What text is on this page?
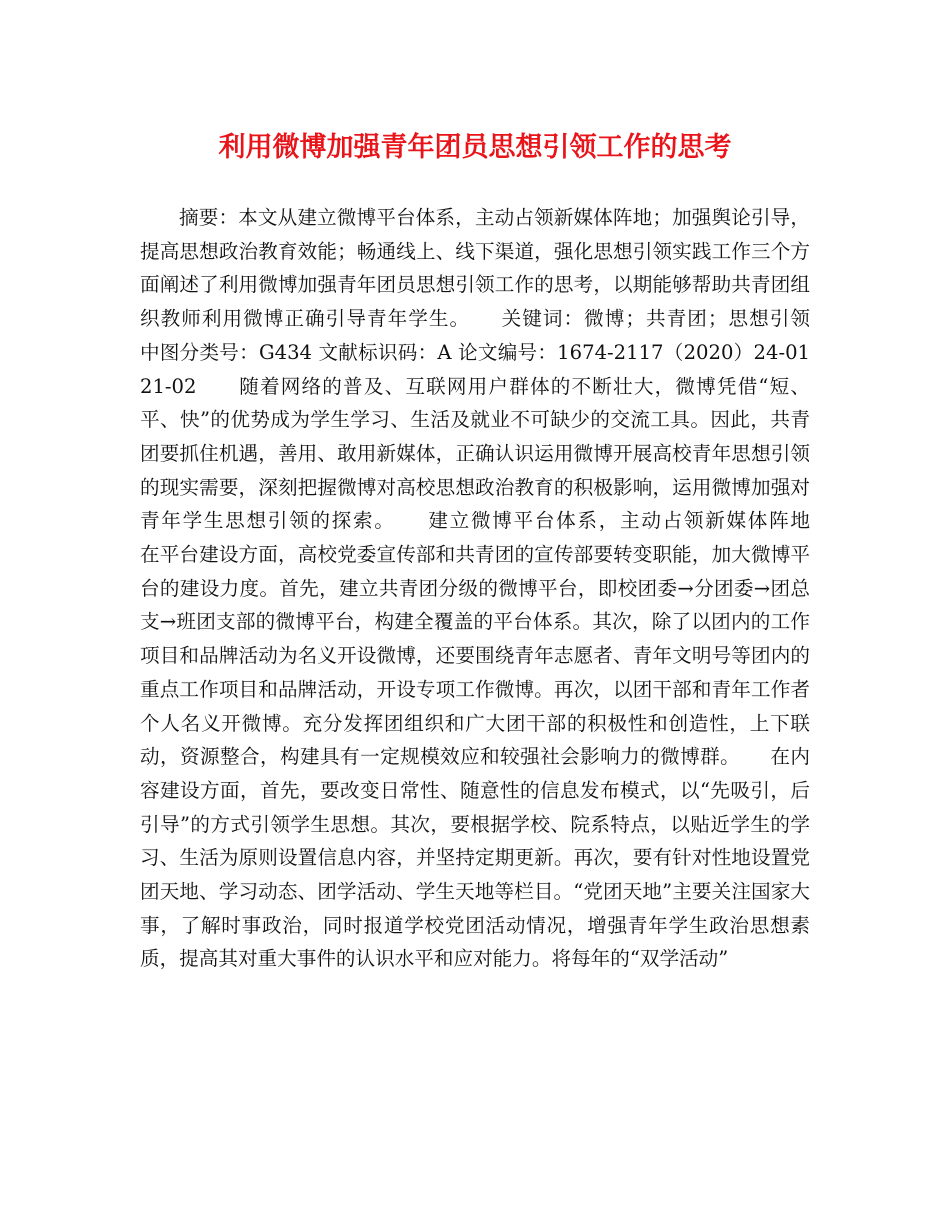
利用微博加强青年团员思想引领工作的思考

摘要：本文从建立微博平台体系，主动占领新媒体阵地；加强舆论引导，提高思想政治教育效能；畅通线上、线下渠道，强化思想引领实践工作三个方面阐述了利用微博加强青年团员思想引领工作的思考，以期能够帮助共青团组织教师利用微博正确引导青年学生。　　关键词：微博；共青团；思想引领　　中图分类号：G434 文献标识码：A 论文编号：1674-2117（2020）24-0121-02　　随着网络的普及、互联网用户群体的不断壮大，微博凭借“短、平、快”的优势成为学生学习、生活及就业不可缺少的交流工具。因此，共青团要抓住机遇，善用、敢用新媒体，正确认识运用微博开展高校青年思想引领的现实需要，深刻把握微博对高校思想政治教育的积极影响，运用微博加强对青年学生思想引领的探索。　　建立微博平台体系，主动占领新媒体阵地　　在平台建设方面，高校党委宣传部和共青团的宣传部要转变职能，加大微博平台的建设力度。首先，建立共青团分级的微博平台，即校团委→分团委→团总支→班团支部的微博平台，构建全覆盖的平台体系。其次，除了以团内的工作项目和品牌活动为名义开设微博，还要围绕青年志愿者、青年文明号等团内的重点工作项目和品牌活动，开设专项工作微博。再次，以团干部和青年工作者个人名义开微博。充分发挥团组织和广大团干部的积极性和创造性，上下联动，资源整合，构建具有一定规模效应和较强社会影响力的微博群。　　在内容建设方面，首先，要改变日常性、随意性的信息发布模式，以“先吸引，后引导”的方式引领学生思想。其次，要根据学校、院系特点，以贴近学生的学习、生活为原则设置信息内容，并坚持定期更新。再次，要有针对性地设置党团天地、学习动态、团学活动、学生天地等栏目。“党团天地”主要关注国家大事，了解时事政治，同时报道学校党团活动情况，增强青年学生政治思想素质，提高其对重大事件的认识水平和应对能力。将每年的“双学活动”
